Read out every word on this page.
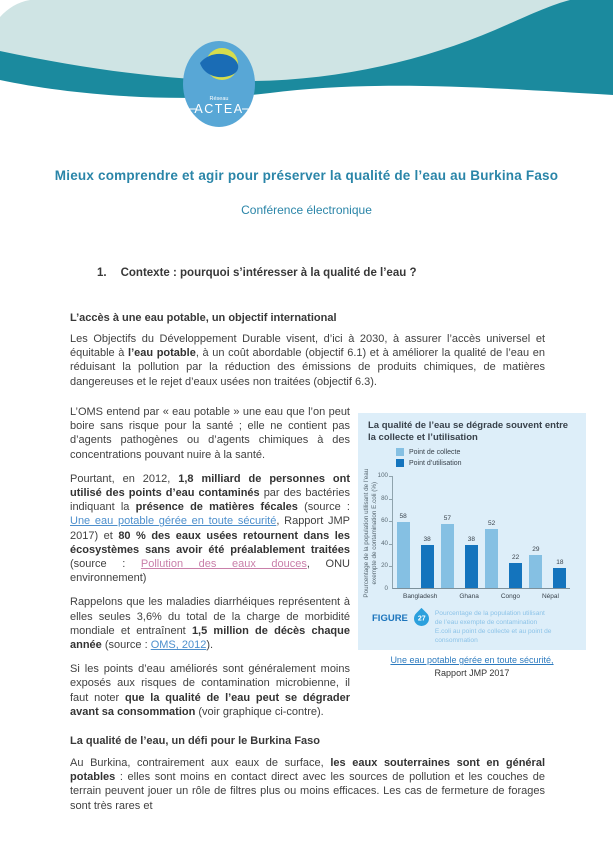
Réseau
ACTEA
Mieux comprendre et agir pour préserver la qualité de l’eau au Burkina Faso
Conférence électronique
1. Contexte : pourquoi s’intéresser à la qualité de l’eau ?
L’accès à une eau potable, un objectif international

Les Objectifs du Développement Durable visent, d’ici à 2030, à assurer l’accès universel et équitable à l’eau potable, à un coût abordable (objectif 6.1) et à améliorer la qualité de l’eau en réduisant la pollution par la réduction des émissions de produits chimiques, de matières dangereuses et le rejet d’eaux usées non traitées (objectif 6.3).

L’OMS entend par « eau potable » une eau que l’on peut boire sans risque pour la santé ; elle ne contient pas d’agents pathogènes ou d’agents chimiques à des concentrations pouvant nuire à la santé.

Pourtant, en 2012, 1,8 milliard de personnes ont utilisé des points d’eau contaminés par des bactéries indiquant la présence de matières fécales (source : Une eau potable gérée en toute sécurité, Rapport JMP 2017) et 80 % des eaux usées retournent dans les écosystèmes sans avoir été préalablement traitées (source : Pollution des eaux douces, ONU environnement)

Rappelons que les maladies diarrhéiques représentent à elles seules 3,6% du total de la charge de morbidité mondiale et entraînent 1,5 million de décès chaque année (source : OMS, 2012).

Si les points d’eau améliorés sont généralement moins exposés aux risques de contamination microbienne, il faut noter que la qualité de l’eau peut se dégrader avant sa consommation (voir graphique ci-contre).

La qualité de l’eau se dégrade souvent entre la collecte et l’utilisation
Point de collecte
Point d’utilisation
Pourcentage de la population utilisant de l’eau exempte de contamination E.coli (%)	58
38
57
38
52
22
29
18
Bangladesh	Ghana	Congo	Népal
FIGURE 27
Pourcentage de la population utilisant de l’eau exempte de contamination E.coli au point de collecte et au point de consommation
0
20
40
60
80
100
Une eau potable gérée en toute sécurité,
Rapport JMP 2017
La qualité de l’eau, un défi pour le Burkina Faso

Au Burkina, contrairement aux eaux de surface, les eaux souterraines sont en général potables : elles sont moins en contact direct avec les sources de pollution et les couches de terrain peuvent jouer un rôle de filtres plus ou moins efficaces. Les cas de fermeture de forages sont très rares et
